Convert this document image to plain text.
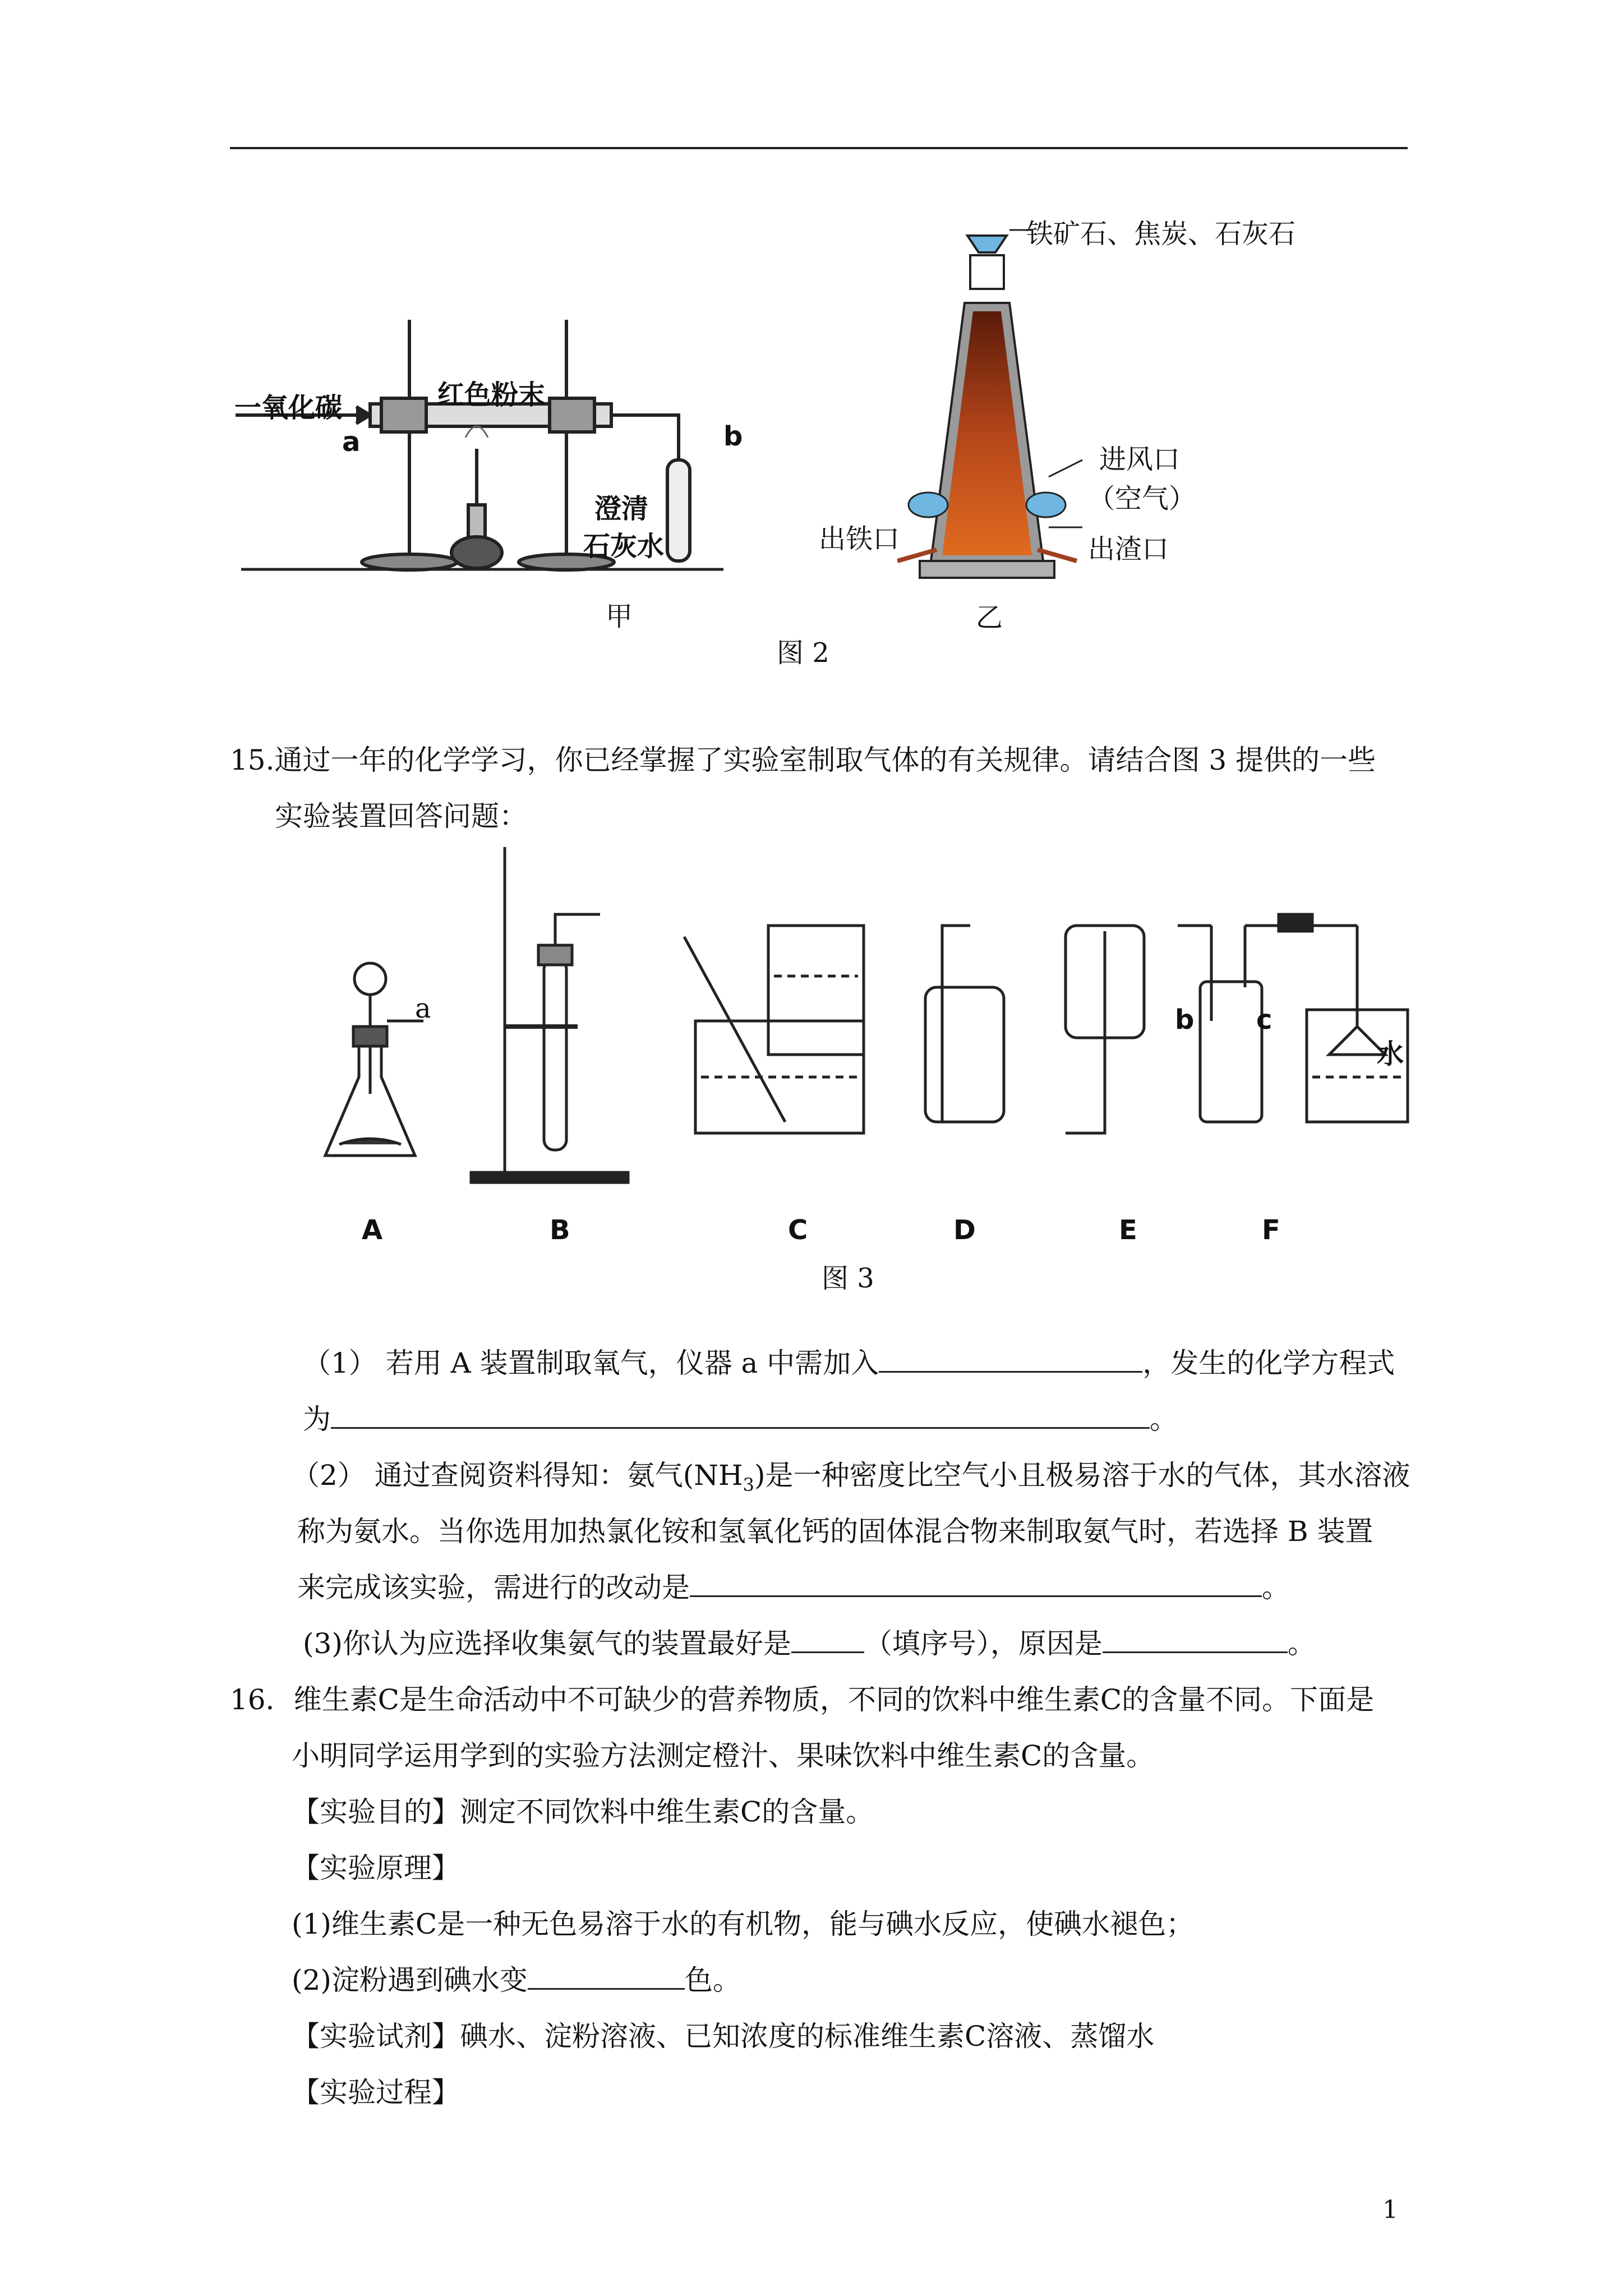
一氧化碳	红色粉末
a	b
澄清
石灰水
甲
铁矿石、焦炭、石灰石
进风口
（空气）
出铁口	出渣口
乙
图 2
15.通过一年的化学学习，你已经掌握了实验室制取气体的有关规律。请结合图 3 提供的一些
实验装置回答问题：
a	b c
水
A	B	C	D	E	F
图 3
（1） 若用 A 装置制取氧气，仪器 a 中需加入	，发生的化学方程式
为	。
（2） 通过查阅资料得知：氨气$(NH_3)$是一种密度比空气小且极易溶于水的气体，其水溶液
称为氨水。当你选用加热氯化铵和氢氧化钙的固体混合物来制取氨气时，若选择 B 装置
来完成该实验，需进行的改动是	。
(3)你认为应选择收集氨气的装置最好是	（填序号），原因是	。
16．维生素C是生命活动中不可缺少的营养物质，不同的饮料中维生素C的含量不同。下面是
小明同学运用学到的实验方法测定橙汁、果味饮料中维生素C的含量。
【实验目的】测定不同饮料中维生素C的含量。
【实验原理】
(1)维生素C是一种无色易溶于水的有机物，能与碘水反应，使碘水褪色；
(2)淀粉遇到碘水变	色。
【实验试剂】碘水、淀粉溶液、已知浓度的标准维生素C溶液、蒸馏水
【实验过程】
1
